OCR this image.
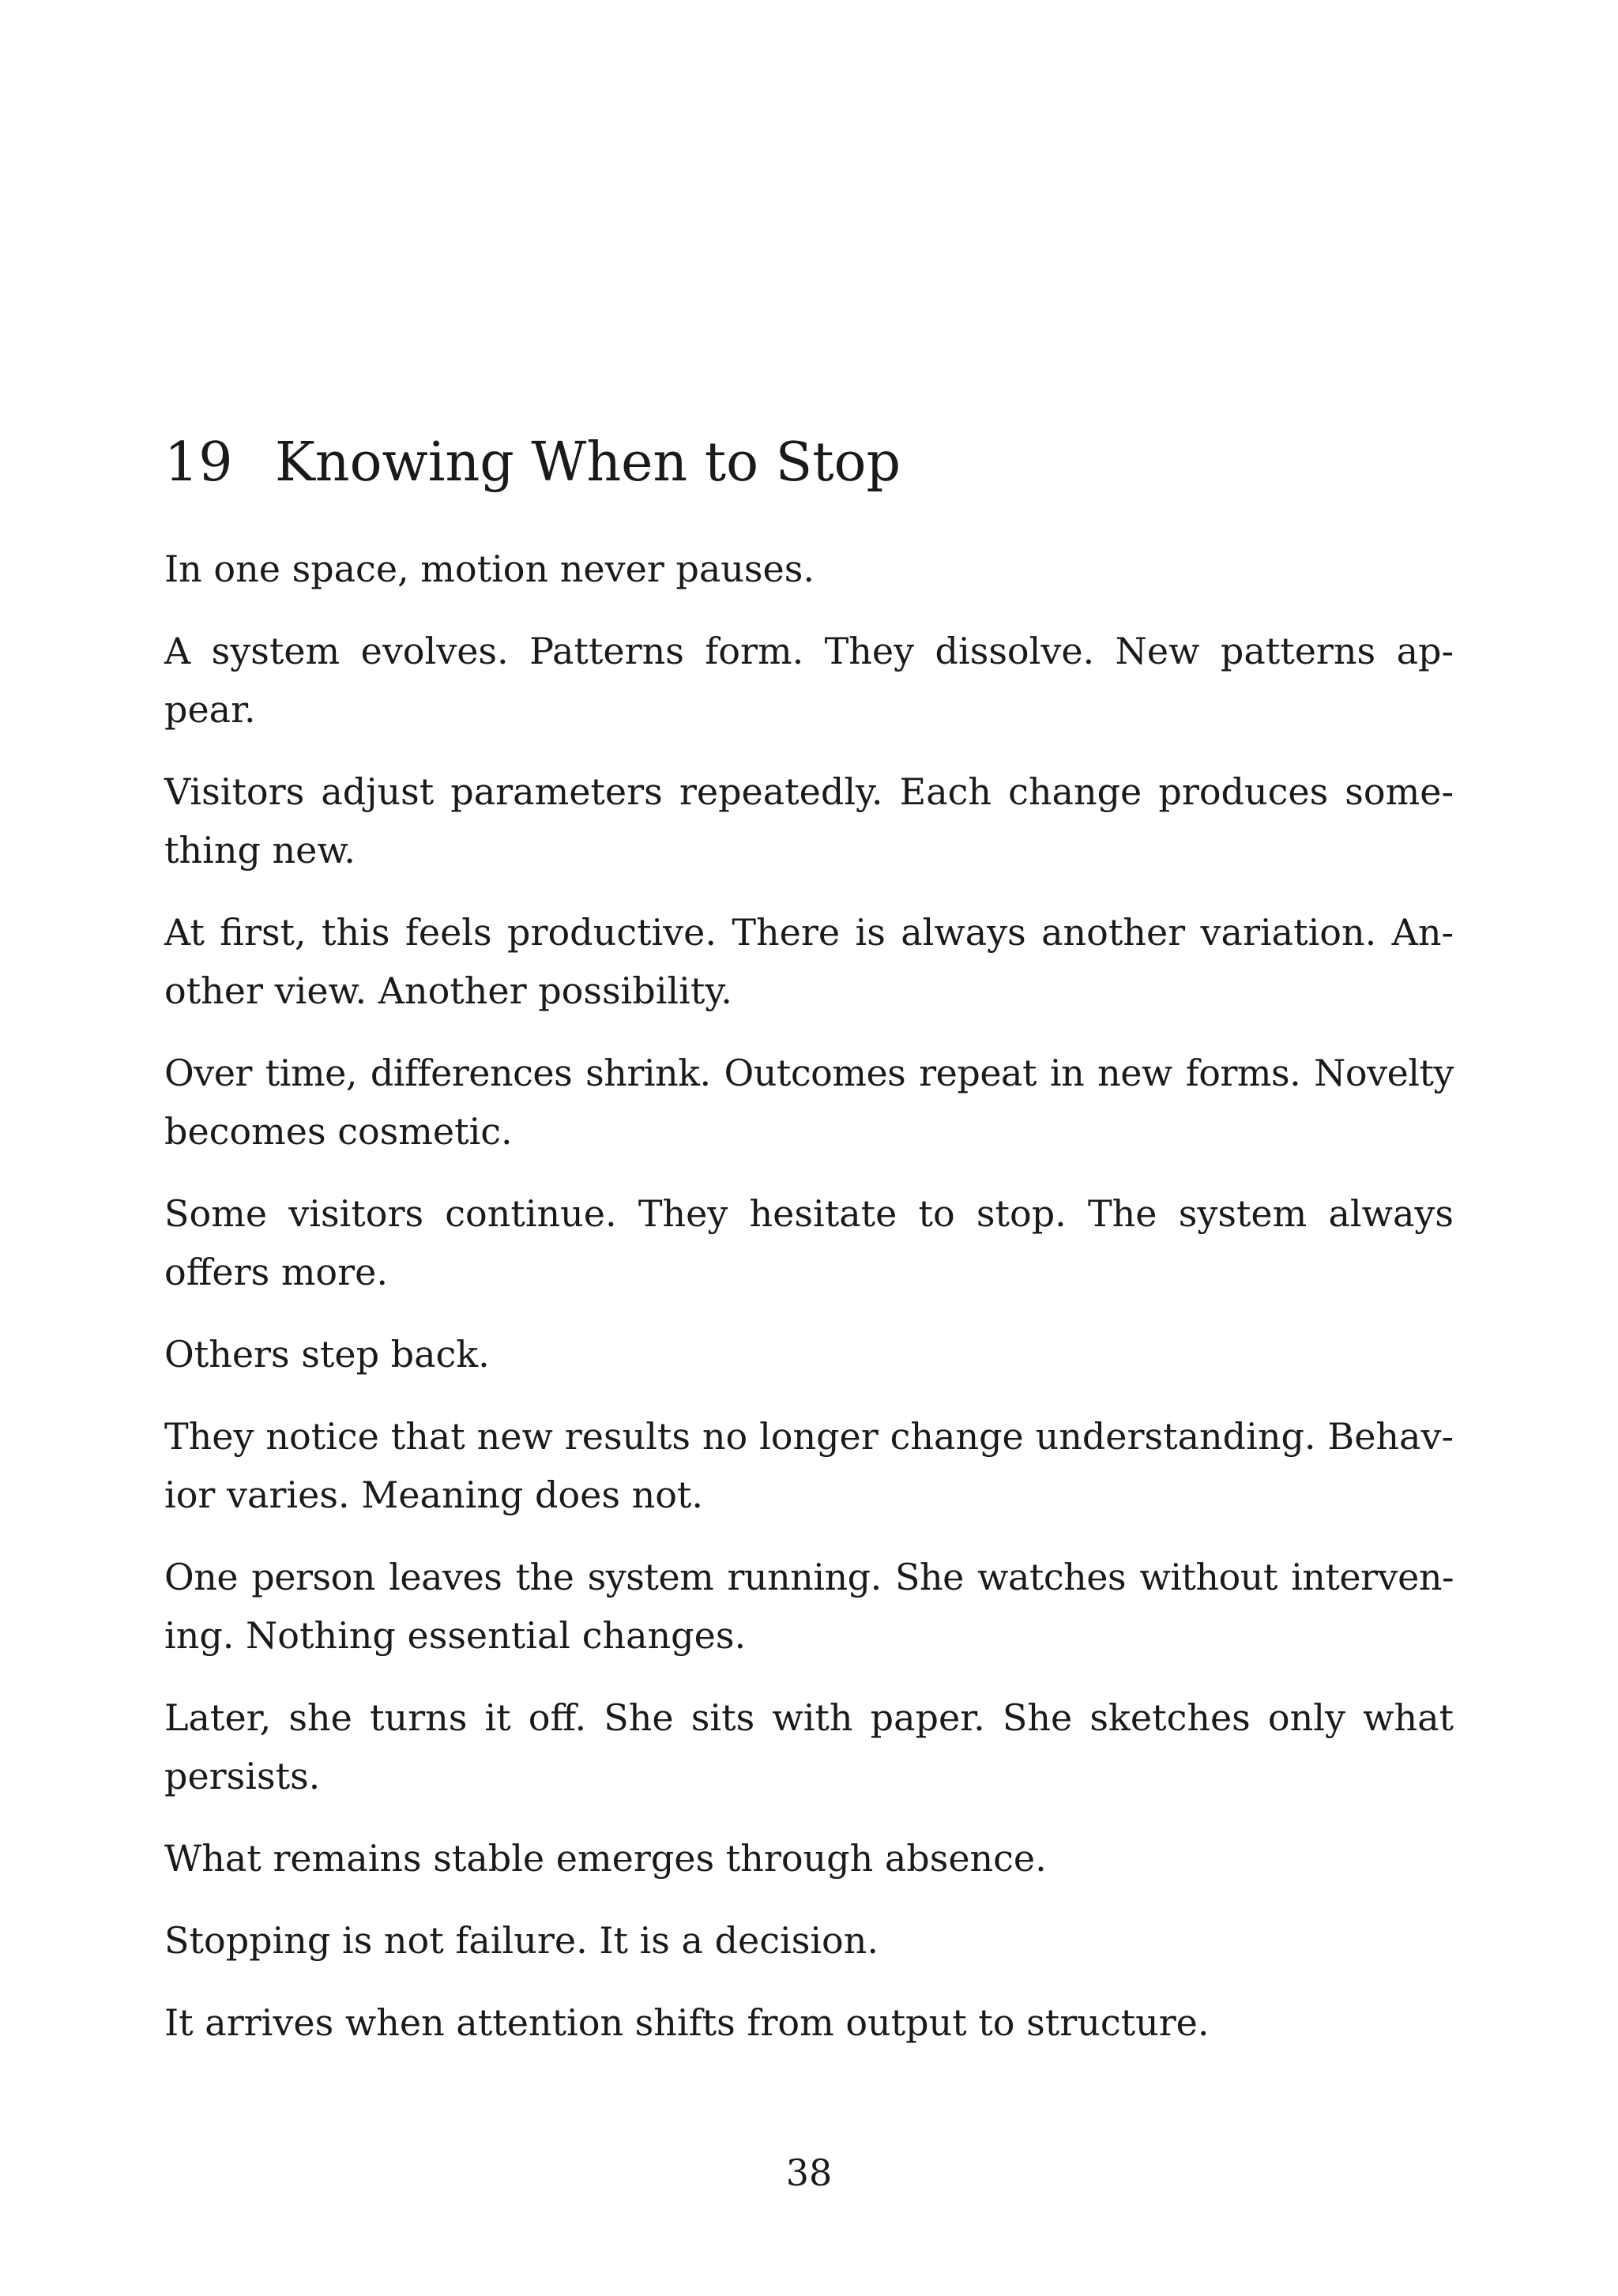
19 Knowing When to Stop

In one space, motion never pauses.

A system evolves. Patterns form. They dissolve. New patterns ap-
pear.

Visitors adjust parameters repeatedly. Each change produces some-
thing new.

At first, this feels productive. There is always another variation. An-
other view. Another possibility.

Over time, differences shrink. Outcomes repeat in new forms. Novelty
becomes cosmetic.

Some visitors continue. They hesitate to stop. The system always
offers more.

Others step back.

They notice that new results no longer change understanding. Behav-
ior varies. Meaning does not.

One person leaves the system running. She watches without interven-
ing. Nothing essential changes.

Later, she turns it off. She sits with paper. She sketches only what
persists.

What remains stable emerges through absence.

Stopping is not failure. It is a decision.

It arrives when attention shifts from output to structure.

38
